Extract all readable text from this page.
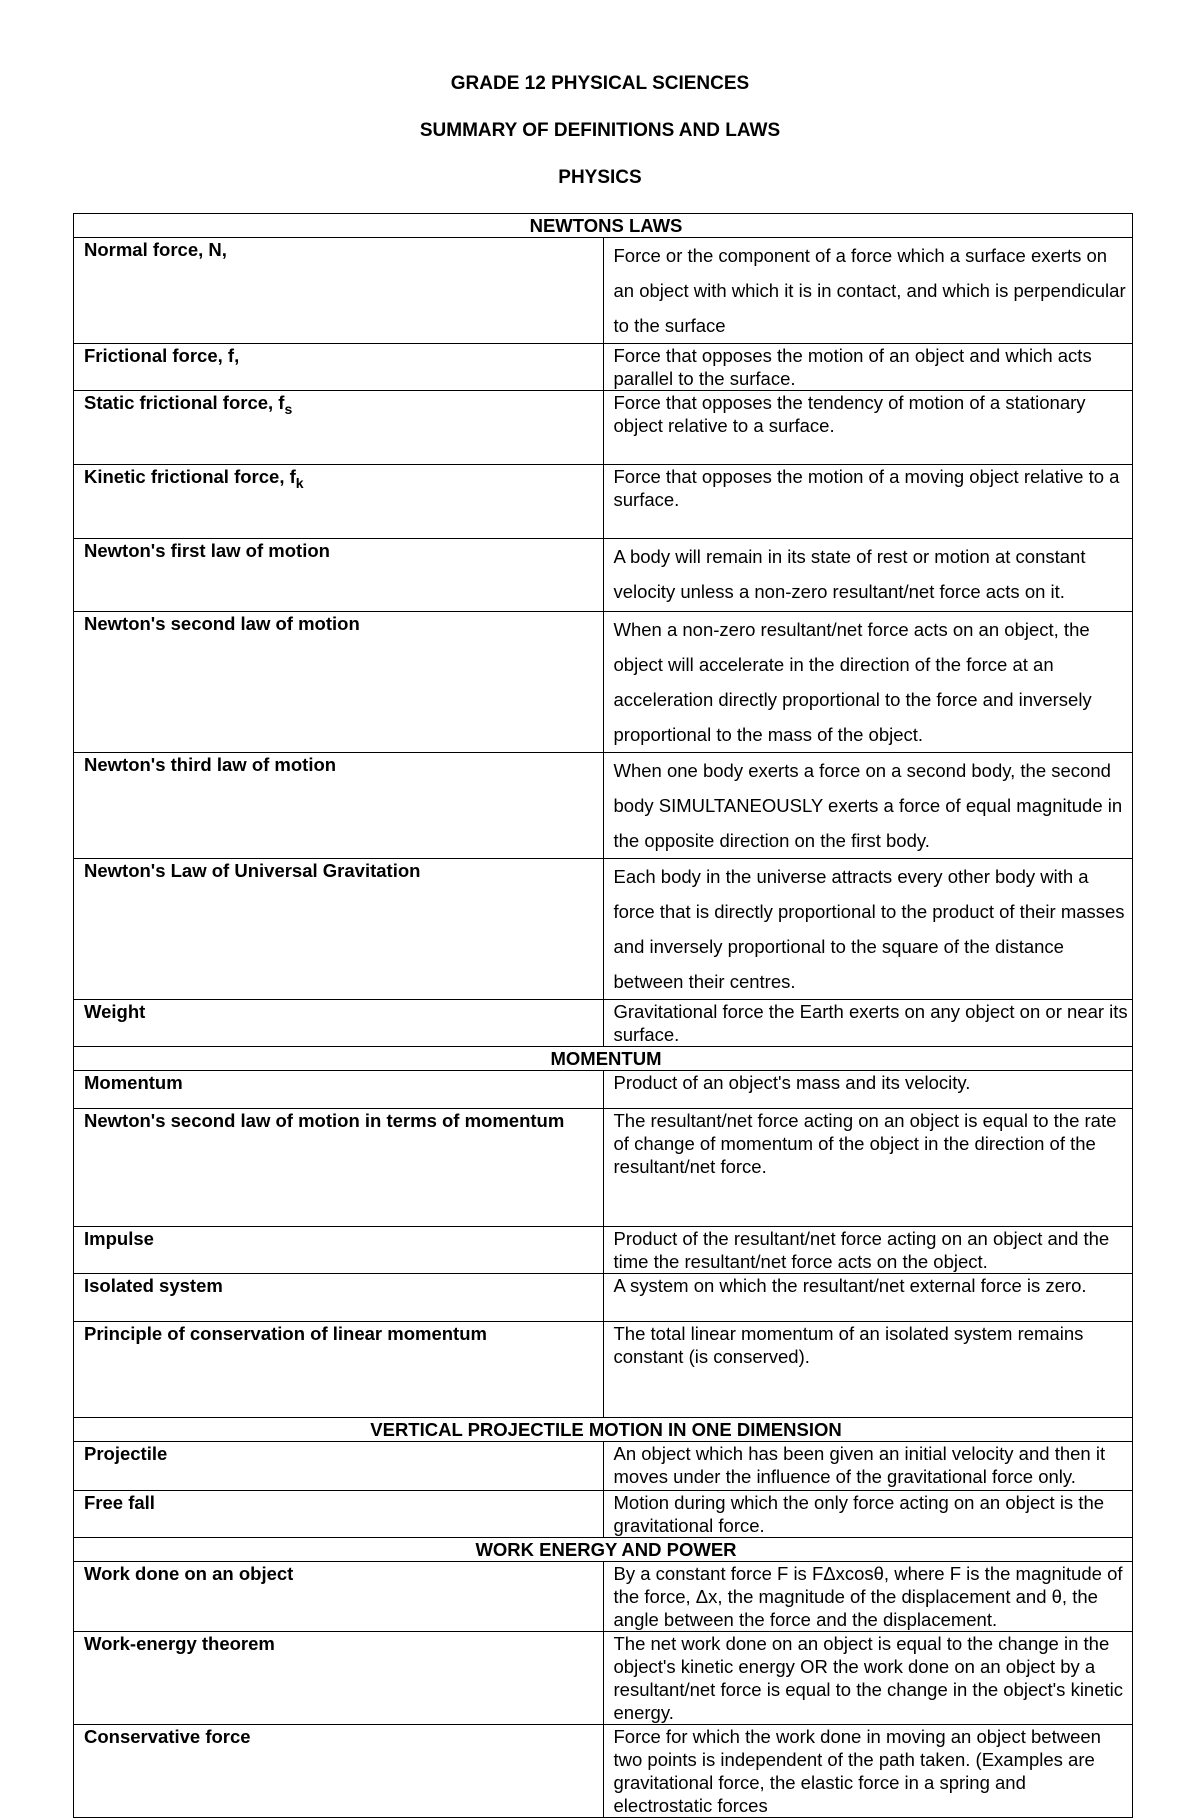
GRADE 12 PHYSICAL SCIENCES
SUMMARY OF DEFINITIONS AND LAWS
PHYSICS
NEWTONS LAWS	
Normal force, N,	Force or the component of a force which a surface exerts on an object with which it is in contact, and which is perpendicular to the surface
Frictional force, f,	Force that opposes the motion of an object and which acts parallel to the surface.
Static frictional force, $f_s$	Force that opposes the tendency of motion of a stationary object relative to a surface.
Kinetic frictional force, $f_k$	Force that opposes the motion of a moving object relative to a surface.
Newton's first law of motion	A body will remain in its state of rest or motion at constant velocity unless a non-zero resultant/net force acts on it.
Newton's second law of motion	When a non-zero resultant/net force acts on an object, the object will accelerate in the direction of the force at an acceleration directly proportional to the force and inversely proportional to the mass of the object.
Newton's third law of motion	When one body exerts a force on a second body, the second body SIMULTANEOUSLY exerts a force of equal magnitude in the opposite direction on the first body.
Newton's Law of Universal Gravitation	Each body in the universe attracts every other body with a force that is directly proportional to the product of their masses and inversely proportional to the square of the distance between their centres.
Weight	Gravitational force the Earth exerts on any object on or near its surface.
MOMENTUM	
Momentum	Product of an object's mass and its velocity.
Newton's second law of motion in terms of momentum	The resultant/net force acting on an object is equal to the rate of change of momentum of the object in the direction of the resultant/net force.
Impulse	Product of the resultant/net force acting on an object and the time the resultant/net force acts on the object.
Isolated system	A system on which the resultant/net external force is zero.
Principle of conservation of linear momentum	The total linear momentum of an isolated system remains constant (is conserved).
VERTICAL PROJECTILE MOTION IN ONE DIMENSION	
Projectile	An object which has been given an initial velocity and then it moves under the influence of the gravitational force only.
Free fall	Motion during which the only force acting on an object is the gravitational force.
WORK ENERGY AND POWER	
Work done on an object	By a constant force F is FΔxcosθ, where F is the magnitude of the force, Δx, the magnitude of the displacement and θ, the angle between the force and the displacement.
Work-energy theorem	The net work done on an object is equal to the change in the object's kinetic energy OR the work done on an object by a resultant/net force is equal to the change in the object's kinetic energy.
Conservative force	Force for which the work done in moving an object between two points is independent of the path taken. (Examples are gravitational force, the elastic force in a spring and electrostatic forces
